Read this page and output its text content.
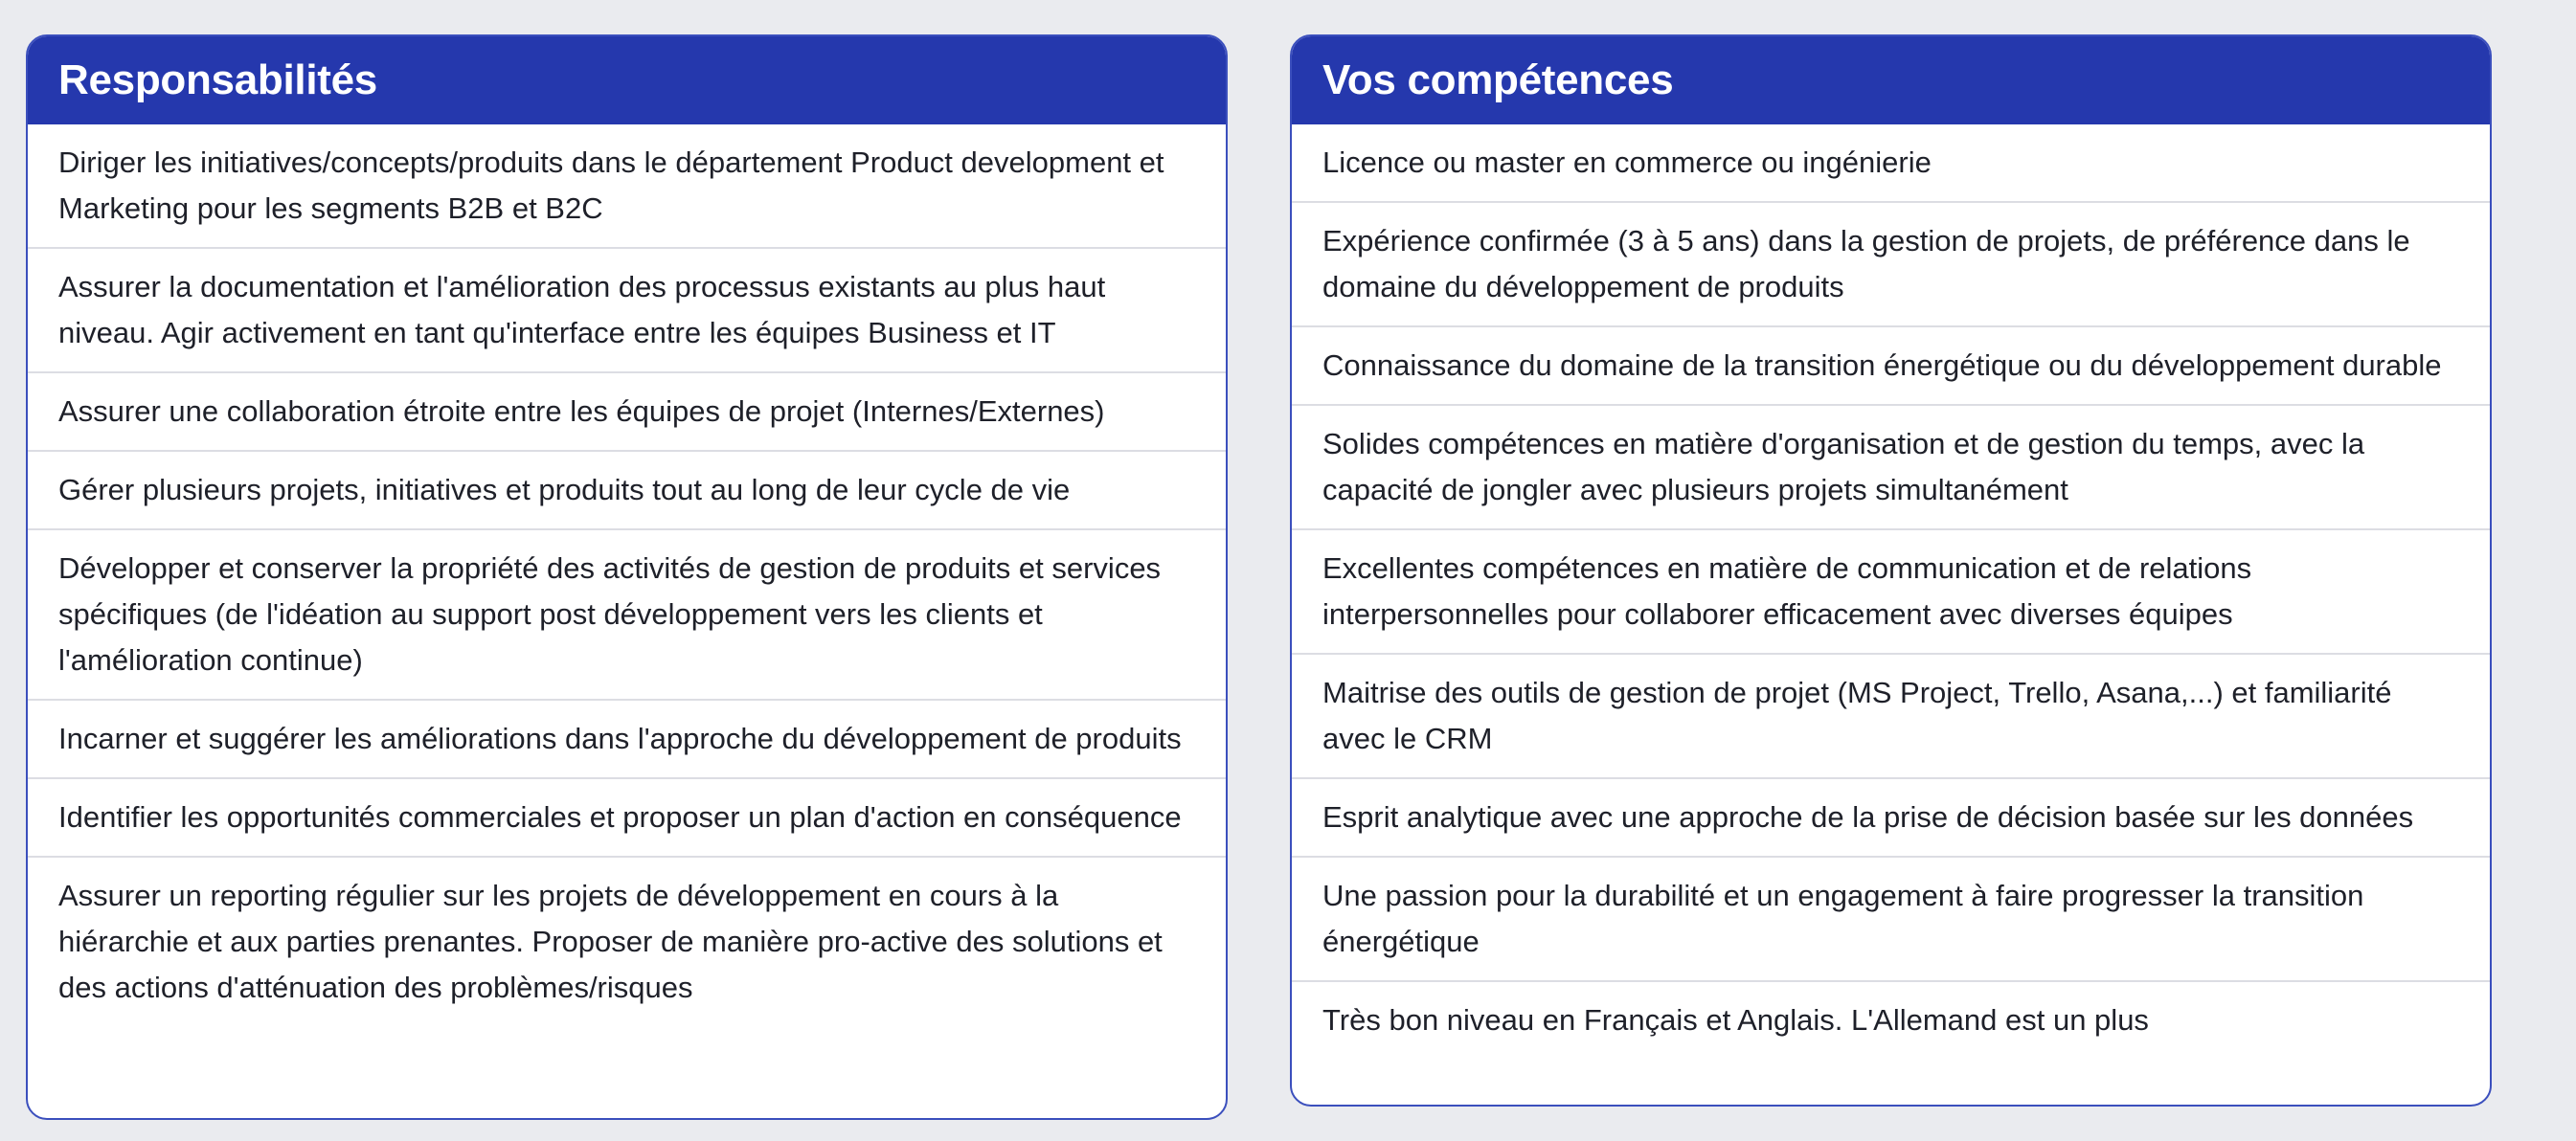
Responsabilités
Diriger les initiatives/concepts/produits dans le département Product development et Marketing pour les segments B2B et B2C
Assurer la documentation et l'amélioration des processus existants au plus haut niveau. Agir activement en tant qu'interface entre les équipes Business et IT
Assurer une collaboration étroite entre les équipes de projet (Internes/Externes)
Gérer plusieurs projets, initiatives et produits tout au long de leur cycle de vie
Développer et conserver la propriété des activités de gestion de produits et services spécifiques (de l'idéation au support post développement vers les clients et l'amélioration continue)
Incarner et suggérer les améliorations dans l'approche du développement de produits
Identifier les opportunités commerciales et proposer un plan d'action en conséquence
Assurer un reporting régulier sur les projets de développement en cours à la hiérarchie et aux parties prenantes. Proposer de manière pro-active des solutions et des actions d'atténuation des problèmes/risques
Vos compétences
Licence ou master en commerce ou ingénierie
Expérience confirmée (3 à 5 ans) dans la gestion de projets, de préférence dans le domaine du développement de produits
Connaissance du domaine de la transition énergétique ou du développement durable
Solides compétences en matière d'organisation et de gestion du temps, avec la capacité de jongler avec plusieurs projets simultanément
Excellentes compétences en matière de communication et de relations interpersonnelles pour collaborer efficacement avec diverses équipes
Maitrise des outils de gestion de projet (MS Project, Trello, Asana,...) et familiarité avec le CRM
Esprit analytique avec une approche de la prise de décision basée sur les données
Une passion pour la durabilité et un engagement à faire progresser la transition énergétique
Très bon niveau en Français et Anglais. L'Allemand est un plus
